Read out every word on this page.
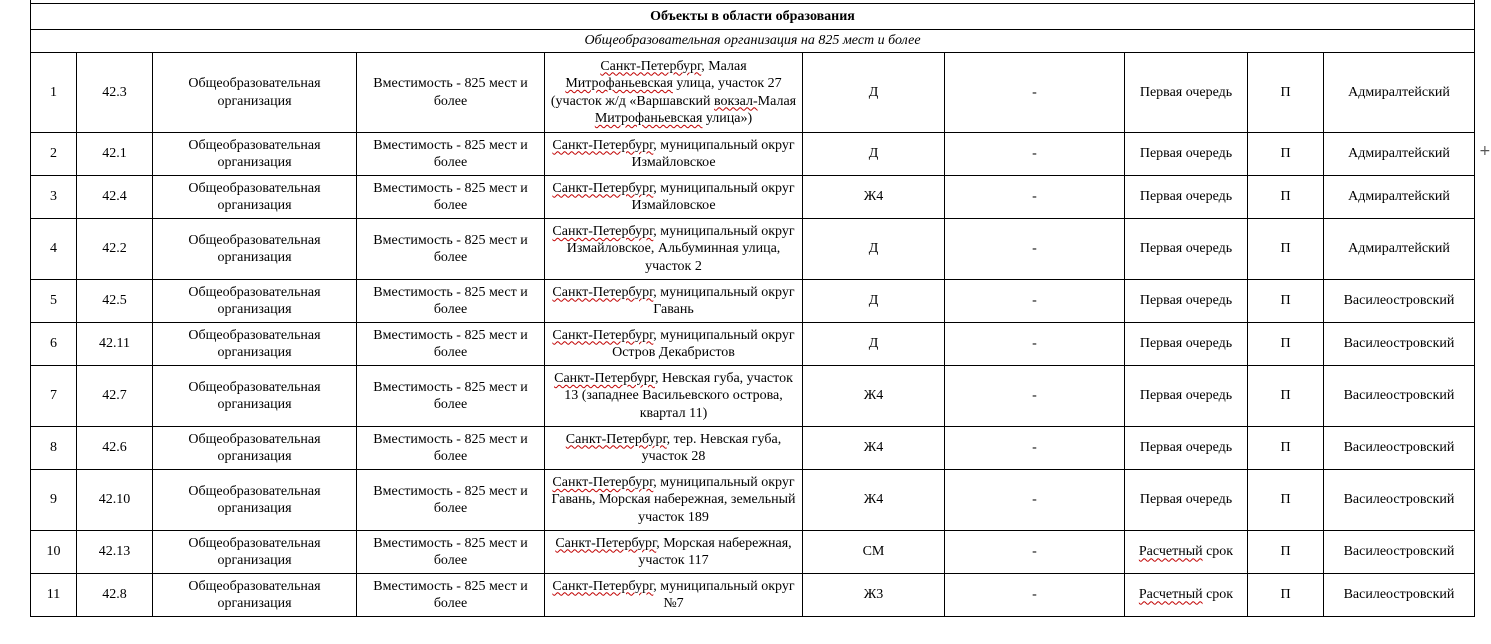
Объекты в области образования
Общеобразовательная организация на 825 мест и более
1	42.3	Общеобразовательная организация	Вместимость - 825 мест и более	Санкт-Петербург, Малая Митрофаньевская улица, участок 27 (участок ж/д «Варшавский вокзал-Малая Митрофаньевская улица»)	Д	-	Первая очередь	П	Адмиралтейский
2	42.1	Общеобразовательная организация	Вместимость - 825 мест и более	Санкт-Петербург, муниципальный округ Измайловское	Д	-	Первая очередь	П	Адмиралтейский
3	42.4	Общеобразовательная организация	Вместимость - 825 мест и более	Санкт-Петербург, муниципальный округ Измайловское	Ж4	-	Первая очередь	П	Адмиралтейский
4	42.2	Общеобразовательная организация	Вместимость - 825 мест и более	Санкт-Петербург, муниципальный округ Измайловское, Альбуминная улица, участок 2	Д	-	Первая очередь	П	Адмиралтейский
5	42.5	Общеобразовательная организация	Вместимость - 825 мест и более	Санкт-Петербург, муниципальный округ Гавань	Д	-	Первая очередь	П	Василеостровский
6	42.11	Общеобразовательная организация	Вместимость - 825 мест и более	Санкт-Петербург, муниципальный округ Остров Декабристов	Д	-	Первая очередь	П	Василеостровский
7	42.7	Общеобразовательная организация	Вместимость - 825 мест и более	Санкт-Петербург, Невская губа, участок 13 (западнее Васильевского острова, квартал 11)	Ж4	-	Первая очередь	П	Василеостровский
8	42.6	Общеобразовательная организация	Вместимость - 825 мест и более	Санкт-Петербург, тер. Невская губа, участок 28	Ж4	-	Первая очередь	П	Василеостровский
9	42.10	Общеобразовательная организация	Вместимость - 825 мест и более	Санкт-Петербург, муниципальный округ Гавань, Морская набережная, земельный участок 189	Ж4	-	Первая очередь	П	Василеостровский
10	42.13	Общеобразовательная организация	Вместимость - 825 мест и более	Санкт-Петербург, Морская набережная, участок 117	СМ	-	Расчетный срок	П	Василеостровский
11	42.8	Общеобразовательная организация	Вместимость - 825 мест и более	Санкт-Петербург, муниципальный округ №7	Ж3	-	Расчетный срок	П	Василеостровский
+
